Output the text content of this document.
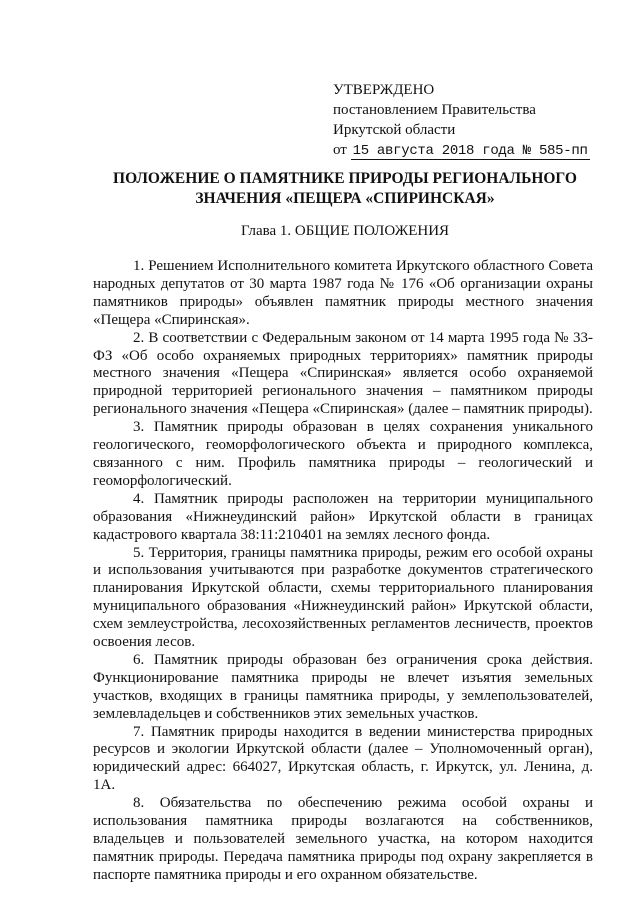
УТВЕРЖДЕНО
постановлением Правительства
Иркутской области
от 15 августа 2018 года № 585-пп
ПОЛОЖЕНИЕ О ПАМЯТНИКЕ ПРИРОДЫ РЕГИОНАЛЬНОГО
ЗНАЧЕНИЯ «ПЕЩЕРА «СПИРИНСКАЯ»
Глава 1. ОБЩИЕ ПОЛОЖЕНИЯ

1. Решением Исполнительного комитета Иркутского областного Совета народных депутатов от 30 марта 1987 года № 176 «Об организации охраны памятников природы» объявлен памятник природы местного значения «Пещера «Спиринская».

2. В соответствии с Федеральным законом от 14 марта 1995 года № 33-ФЗ «Об особо охраняемых природных территориях» памятник природы местного значения «Пещера «Спиринская» является особо охраняемой природной территорией регионального значения – памятником природы регионального значения «Пещера «Спиринская» (далее – памятник природы).

3. Памятник природы образован в целях сохранения уникального геологического, геоморфологического объекта и природного комплекса, связанного с ним. Профиль памятника природы – геологический и геоморфологический.

4. Памятник природы расположен на территории муниципального образования «Нижнеудинский район» Иркутской области в границах кадастрового квартала 38:11:210401 на землях лесного фонда.

5. Территория, границы памятника природы, режим его особой охраны и использования учитываются при разработке документов стратегического планирования Иркутской области, схемы территориального планирования муниципального образования «Нижнеудинский район» Иркутской области, схем землеустройства, лесохозяйственных регламентов лесничеств, проектов освоения лесов.

6. Памятник природы образован без ограничения срока действия. Функционирование памятника природы не влечет изъятия земельных участков, входящих в границы памятника природы, у землепользователей, землевладельцев и собственников этих земельных участков.

7. Памятник природы находится в ведении министерства природных ресурсов и экологии Иркутской области (далее – Уполномоченный орган), юридический адрес: 664027, Иркутская область, г. Иркутск, ул. Ленина, д. 1А.

8. Обязательства по обеспечению режима особой охраны и использования памятника природы возлагаются на собственников, владельцев и пользователей земельного участка, на котором находится памятник природы. Передача памятника природы под охрану закрепляется в паспорте памятника природы и его охранном обязательстве.
